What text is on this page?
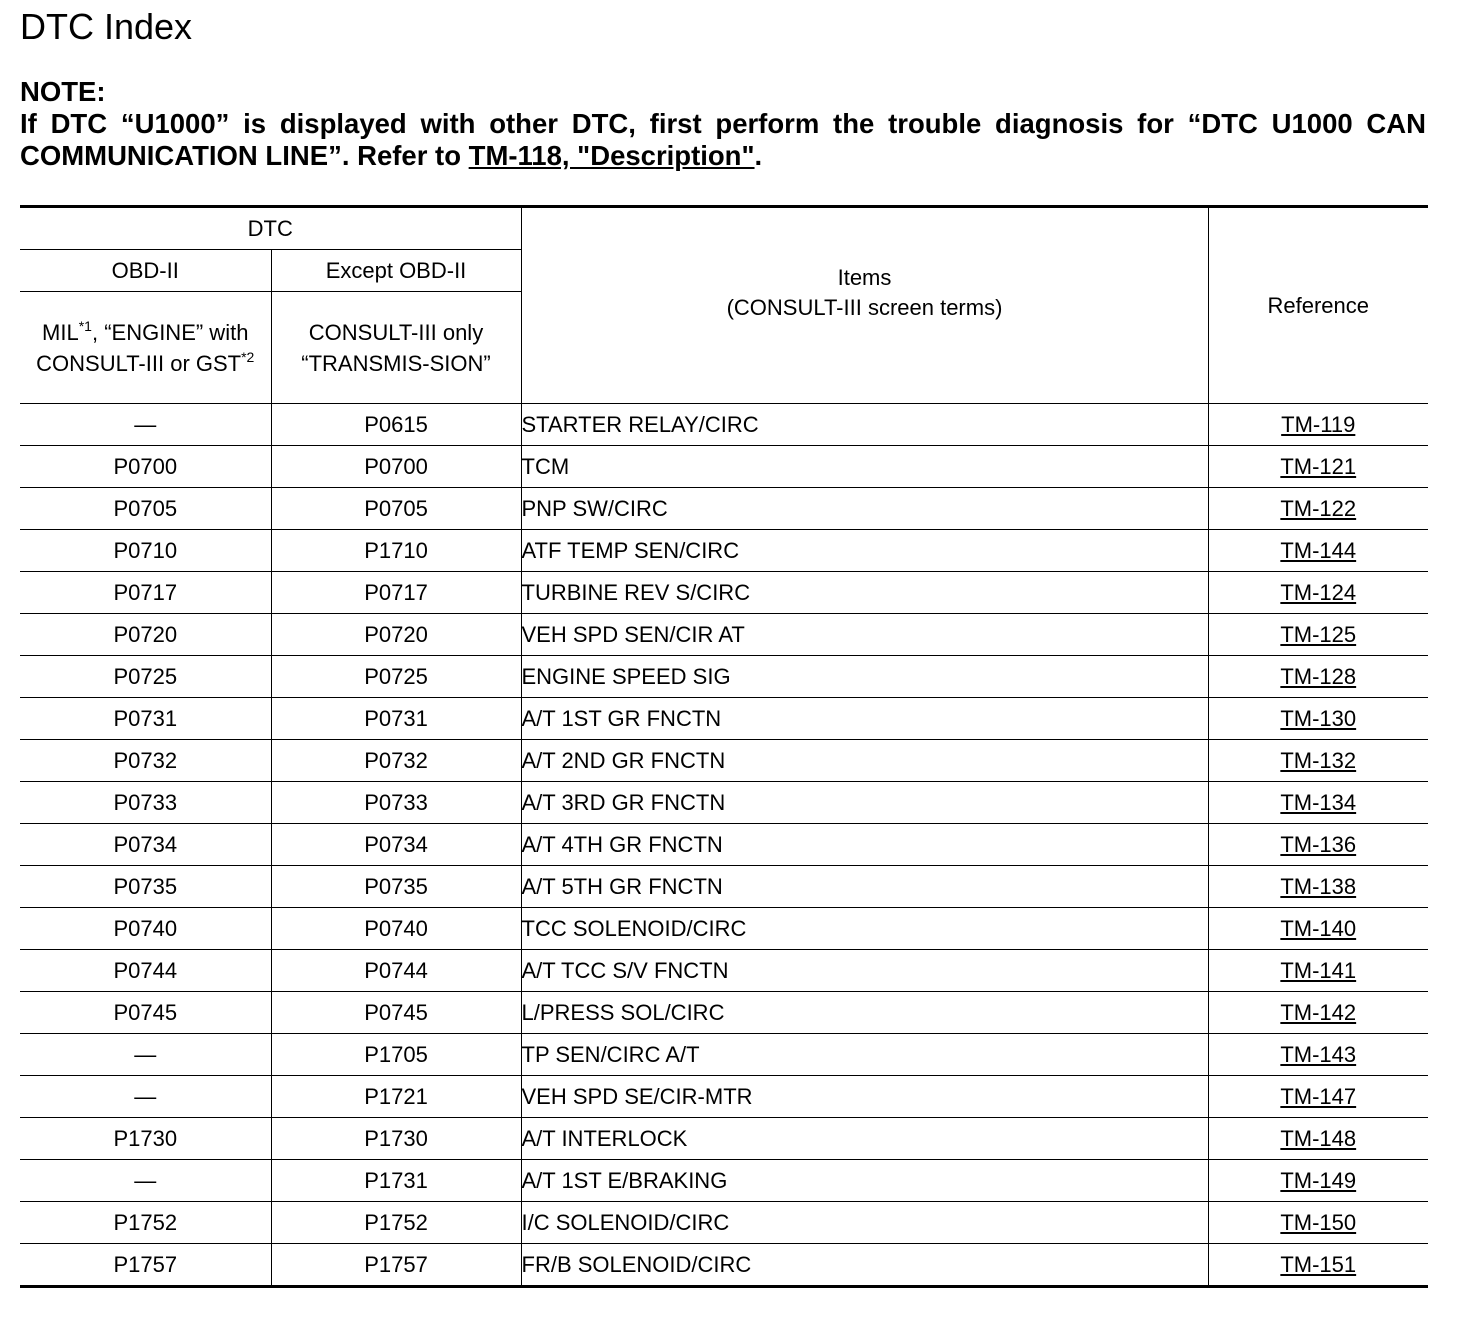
DTC Index
NOTE:
If DTC “U1000” is displayed with other DTC, first perform the trouble diagnosis for “DTC U1000 CAN COMMUNICATION LINE”. Refer to TM-118, "Description".
DTC		Items
(CONSULT-III screen terms)	Reference
OBD-II	Except OBD-II		
MIL$^{*1}$, “ENGINE” with CONSULT-III or GST$^{*2}$	CONSULT-III only “TRANSMIS-SION”		
—	P0615	STARTER RELAY/CIRC	TM-119
P0700	P0700	TCM	TM-121
P0705	P0705	PNP SW/CIRC	TM-122
P0710	P1710	ATF TEMP SEN/CIRC	TM-144
P0717	P0717	TURBINE REV S/CIRC	TM-124
P0720	P0720	VEH SPD SEN/CIR AT	TM-125
P0725	P0725	ENGINE SPEED SIG	TM-128
P0731	P0731	A/T 1ST GR FNCTN	TM-130
P0732	P0732	A/T 2ND GR FNCTN	TM-132
P0733	P0733	A/T 3RD GR FNCTN	TM-134
P0734	P0734	A/T 4TH GR FNCTN	TM-136
P0735	P0735	A/T 5TH GR FNCTN	TM-138
P0740	P0740	TCC SOLENOID/CIRC	TM-140
P0744	P0744	A/T TCC S/V FNCTN	TM-141
P0745	P0745	L/PRESS SOL/CIRC	TM-142
—	P1705	TP SEN/CIRC A/T	TM-143
—	P1721	VEH SPD SE/CIR-MTR	TM-147
P1730	P1730	A/T INTERLOCK	TM-148
—	P1731	A/T 1ST E/BRAKING	TM-149
P1752	P1752	I/C SOLENOID/CIRC	TM-150
P1757	P1757	FR/B SOLENOID/CIRC	TM-151
